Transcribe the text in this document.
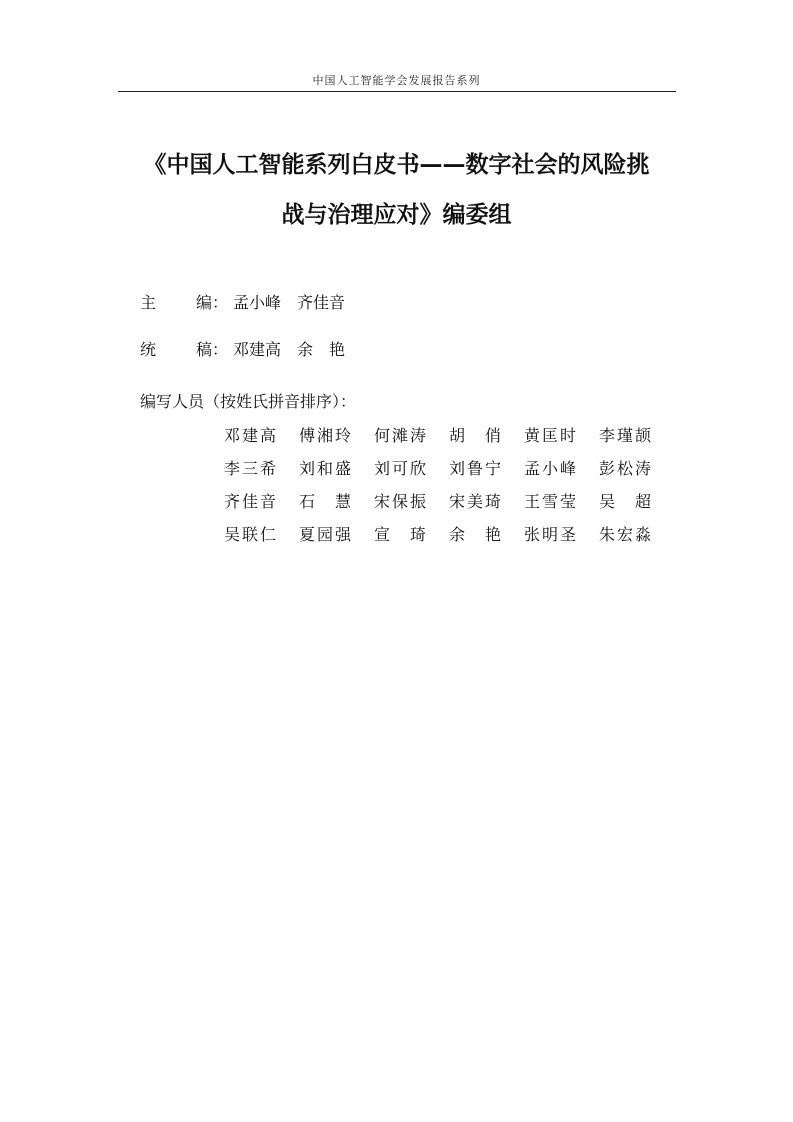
中国人工智能学会发展报告系列
《中国人工智能系列白皮书——数字社会的风险挑
战与治理应对》编委组
主 编： 孟小峰　齐佳音
统 稿： 邓建高　余　艳
编写人员（按姓氏拼音排序）：
邓建高 傅湘玲 何滩涛 胡　俏 黄匡时 李瑾颉
李三希 刘和盛 刘可欣 刘鲁宁 孟小峰 彭松涛
齐佳音 石　慧 宋保振 宋美琦 王雪莹 吴　超
吴联仁 夏园强 宣　琦 余　艳 张明圣 朱宏淼
